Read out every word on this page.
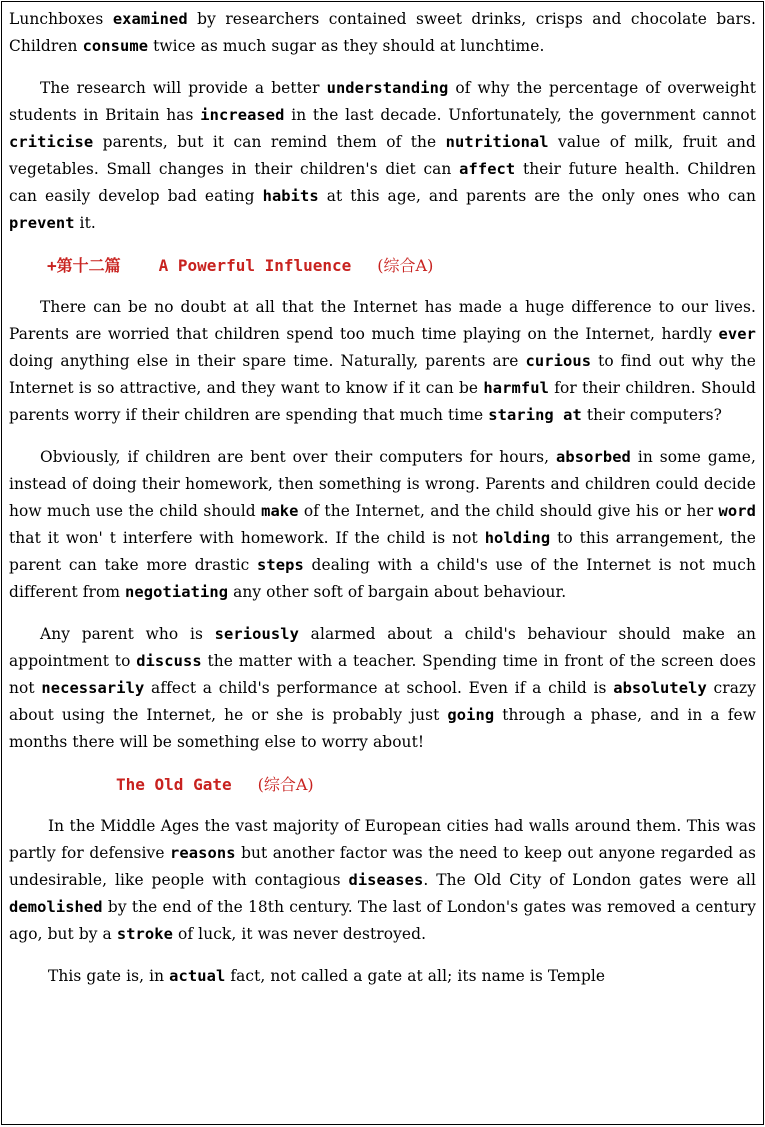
Lunchboxes examined by researchers contained sweet drinks, crisps and chocolate bars. Children consume twice as much sugar as they should at lunchtime.

The research will provide a better understanding of why the percentage of overweight students in Britain has increased in the last decade. Unfortunately, the government cannot criticise parents, but it can remind them of the nutritional value of milk, fruit and vegetables. Small changes in their children's diet can affect their future health. Children can easily develop bad eating habits at this age, and parents are the only ones who can prevent it.

+第十二篇 A Powerful Influence (综合A)

There can be no doubt at all that the Internet has made a huge difference to our lives. Parents are worried that children spend too much time playing on the Internet, hardly ever doing anything else in their spare time. Naturally, parents are curious to find out why the Internet is so attractive, and they want to know if it can be harmful for their children. Should parents worry if their children are spending that much time staring at their computers?

Obviously, if children are bent over their computers for hours, absorbed in some game, instead of doing their homework, then something is wrong. Parents and children could decide how much use the child should make of the Internet, and the child should give his or her word that it won' t interfere with homework. If the child is not holding to this arrangement, the parent can take more drastic steps dealing with a child's use of the Internet is not much different from negotiating any other soft of bargain about behaviour.

Any parent who is seriously alarmed about a child's behaviour should make an appointment to discuss the matter with a teacher. Spending time in front of the screen does not necessarily affect a child's performance at school. Even if a child is absolutely crazy about using the Internet, he or she is probably just going through a phase, and in a few months there will be something else to worry about!

The Old Gate (综合A)

In the Middle Ages the vast majority of European cities had walls around them. This was partly for defensive reasons but another factor was the need to keep out anyone regarded as undesirable, like people with contagious diseases. The Old City of London gates were all demolished by the end of the 18th century. The last of London's gates was removed a century ago, but by a stroke of luck, it was never destroyed.

This gate is, in actual fact, not called a gate at all; its name is Temple
